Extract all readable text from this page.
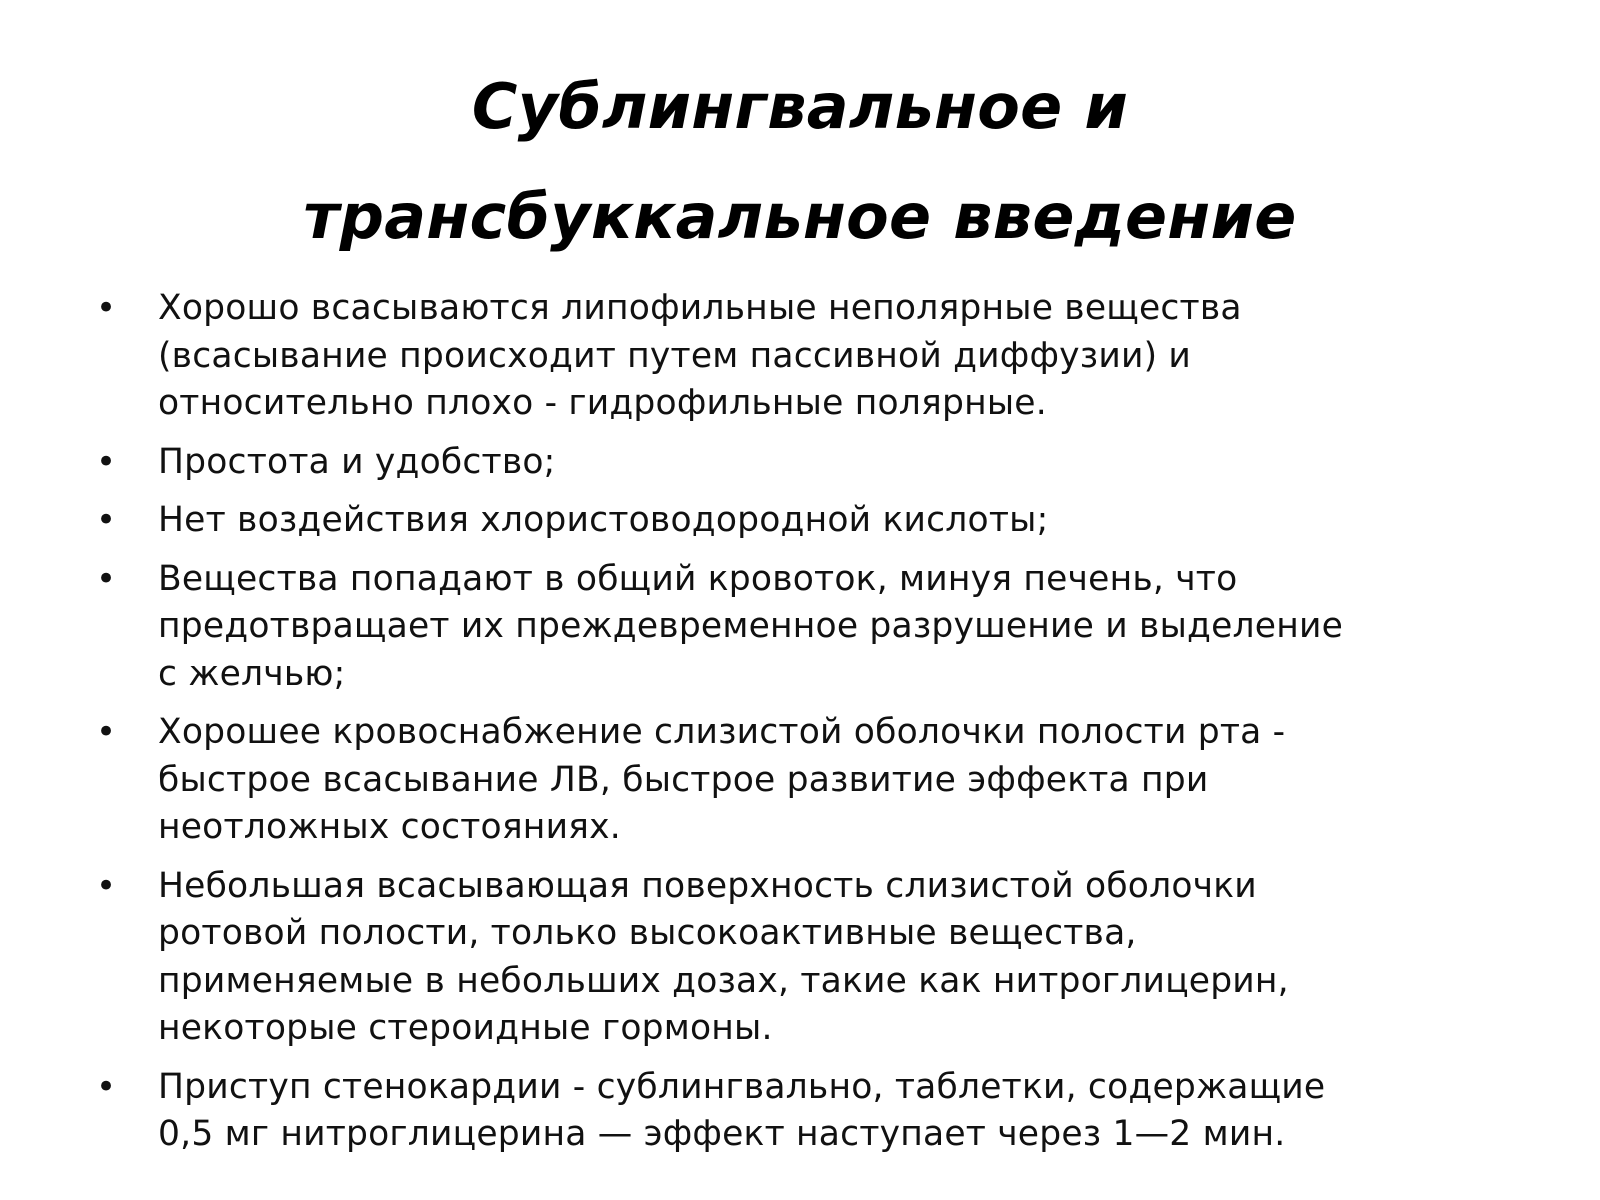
Сублингвальное и
трансбуккальное введение
• Хорошо всасываются липофильные неполярные вещества
(всасывание происходит путем пассивной диффузии) и
относительно плохо - гидрофильные полярные.
• Простота и удобство;
• Нет воздействия хлористоводородной кислоты;
• Вещества попадают в общий кровоток, минуя печень, что
предотвращает их преждевременное разрушение и выделение
с желчью;
• Хорошее кровоснабжение слизистой оболочки полости рта -
быстрое всасывание ЛВ, быстрое развитие эффекта при
неотложных состояниях.
• Небольшая всасывающая поверхность слизистой оболочки
ротовой полости, только высокоактивные вещества,
применяемые в небольших дозах, такие как нитроглицерин,
некоторые стероидные гормоны.
• Приступ стенокардии - сублингвально, таблетки, содержащие
0,5 мг нитроглицерина — эффект наступает через 1—2 мин.
